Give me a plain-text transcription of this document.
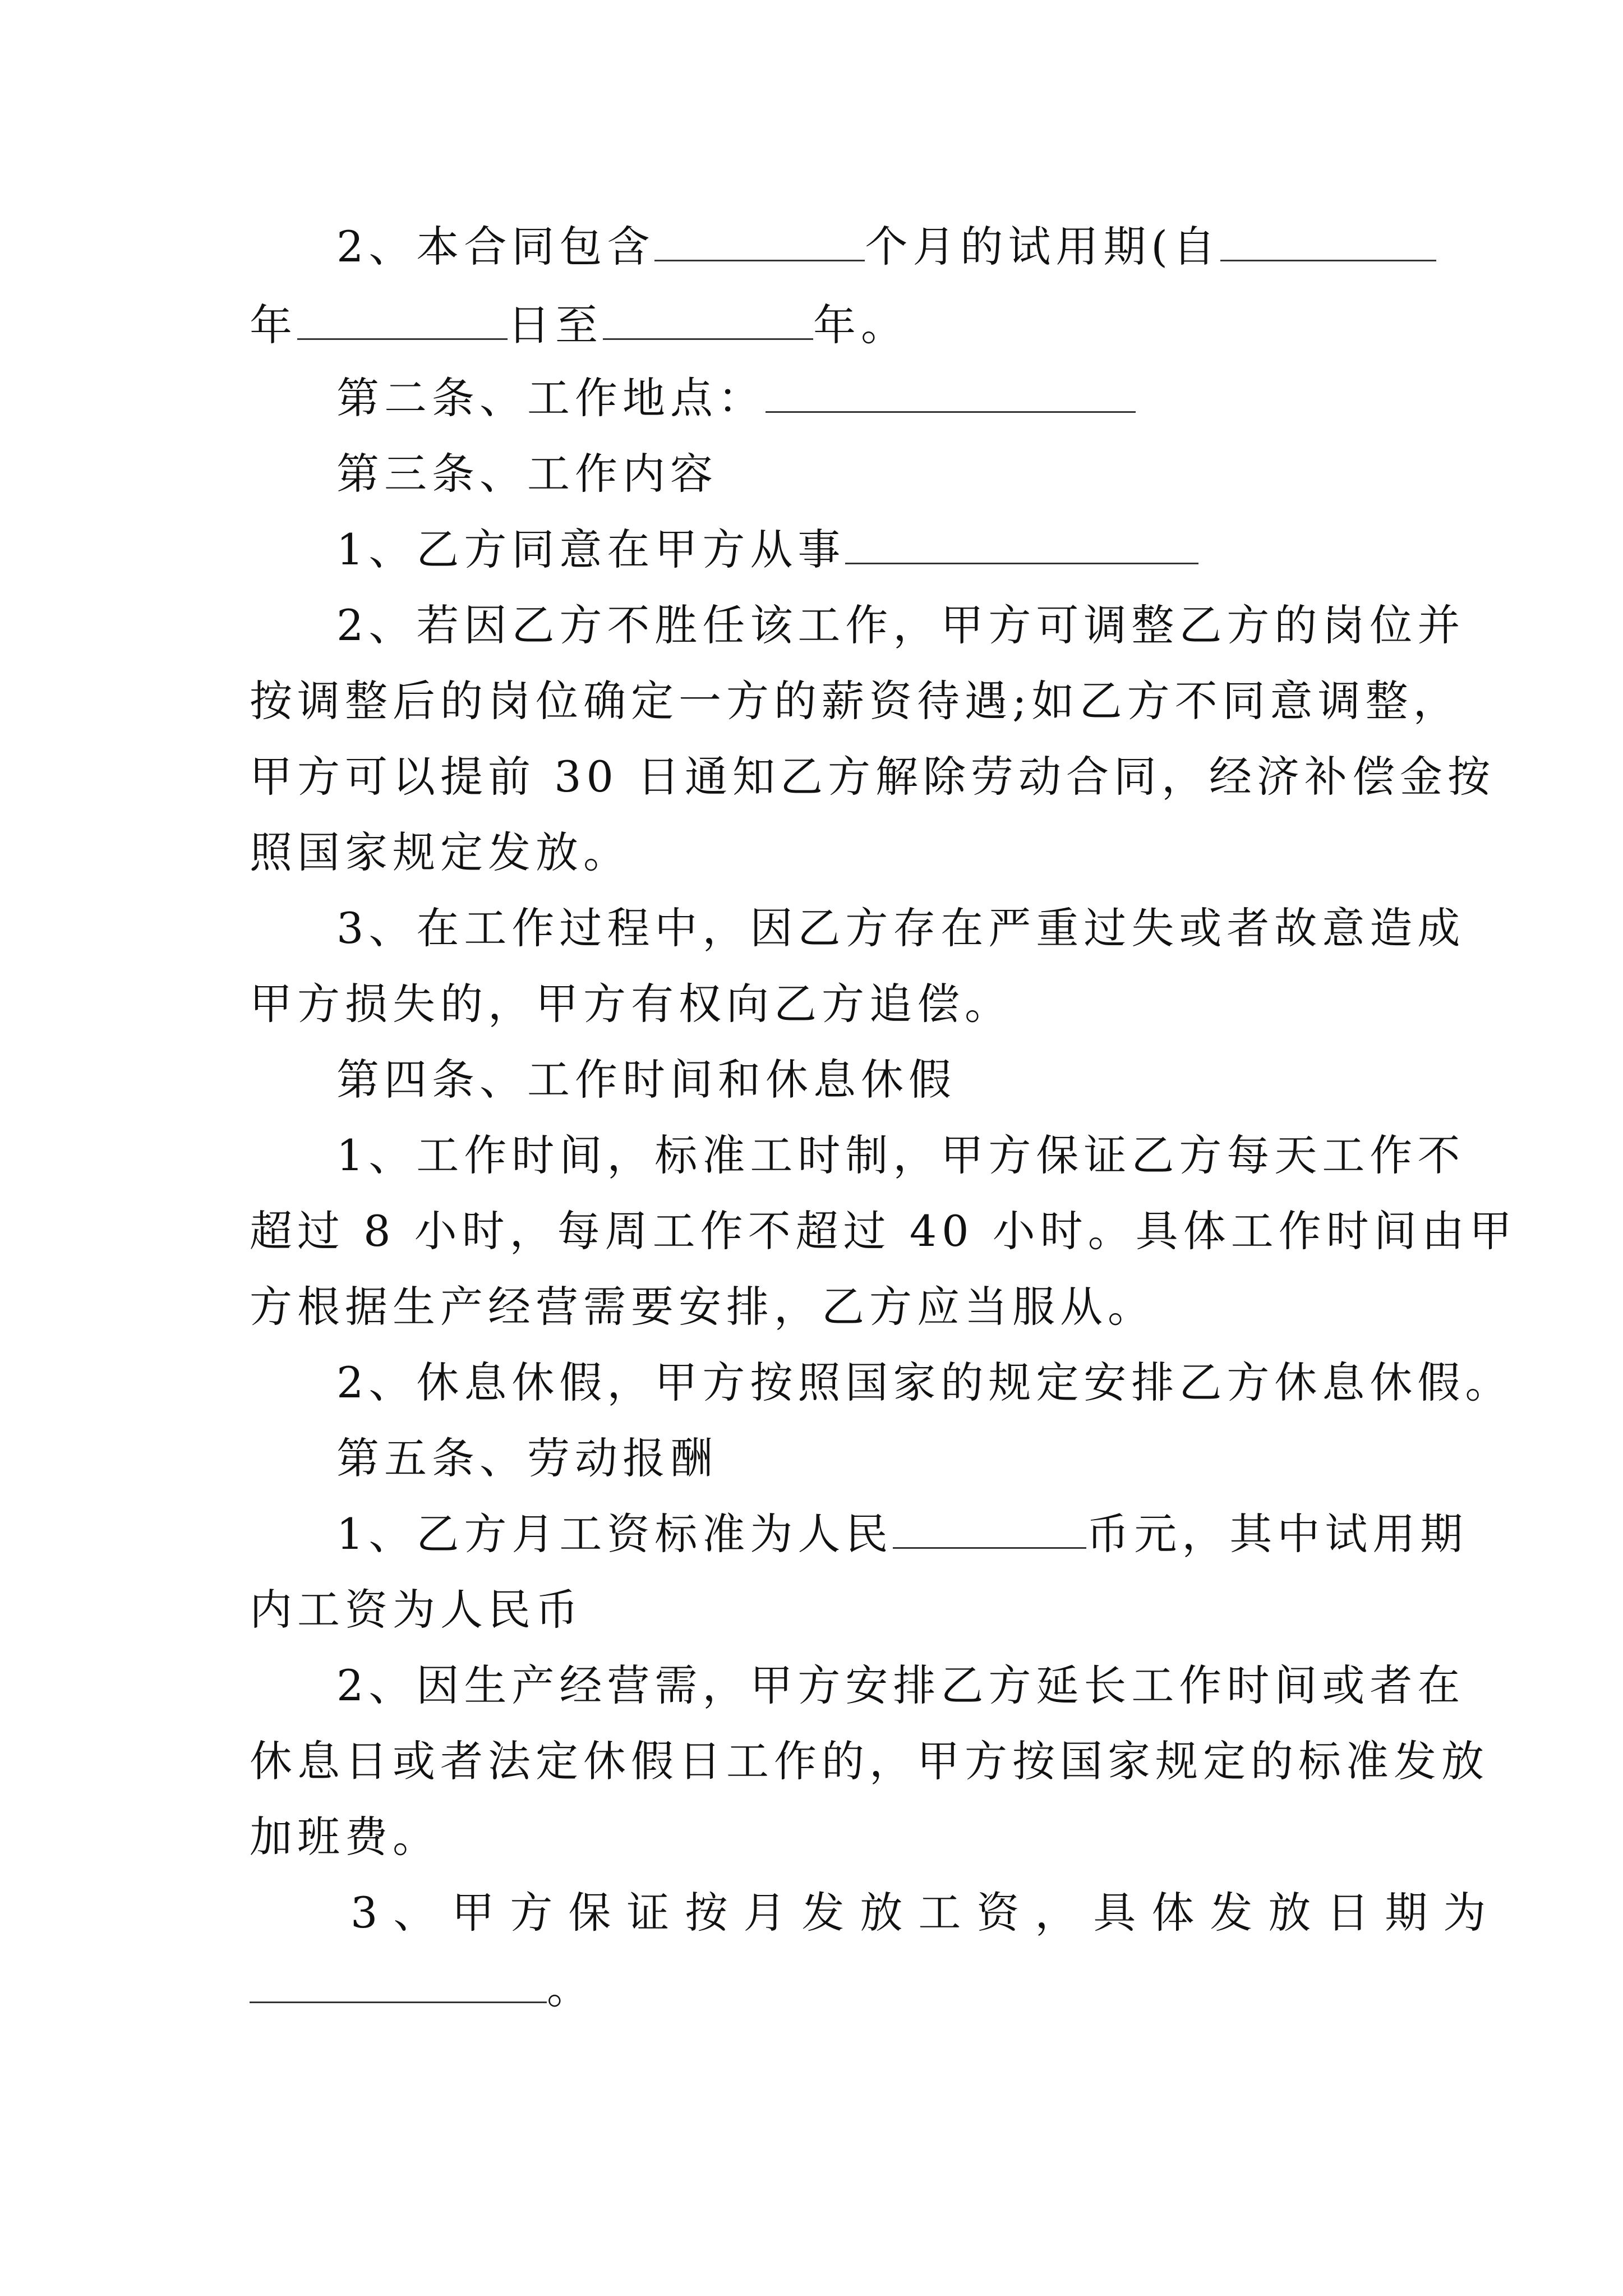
2、本合同包含	个月的试用期(自
年	日至	年。
第二条、工作地点：
第三条、工作内容
1、乙方同意在甲方从事
2、若因乙方不胜任该工作，甲方可调整乙方的岗位并
按调整后的岗位确定一方的薪资待遇;如乙方不同意调整，
甲方可以提前 30 日通知乙方解除劳动合同，经济补偿金按
照国家规定发放。
3、在工作过程中，因乙方存在严重过失或者故意造成
甲方损失的，甲方有权向乙方追偿。
第四条、工作时间和休息休假
1、工作时间，标准工时制，甲方保证乙方每天工作不
超过 8 小时，每周工作不超过 40 小时。具体工作时间由甲
方根据生产经营需要安排，乙方应当服从。
2、休息休假，甲方按照国家的规定安排乙方休息休假。
第五条、劳动报酬
1、乙方月工资标准为人民	币元，其中试用期
内工资为人民币
2、因生产经营需，甲方安排乙方延长工作时间或者在
休息日或者法定休假日工作的，甲方按国家规定的标准发放
加班费。
3、甲方保证按月发放工资，具体发放日期为
。
